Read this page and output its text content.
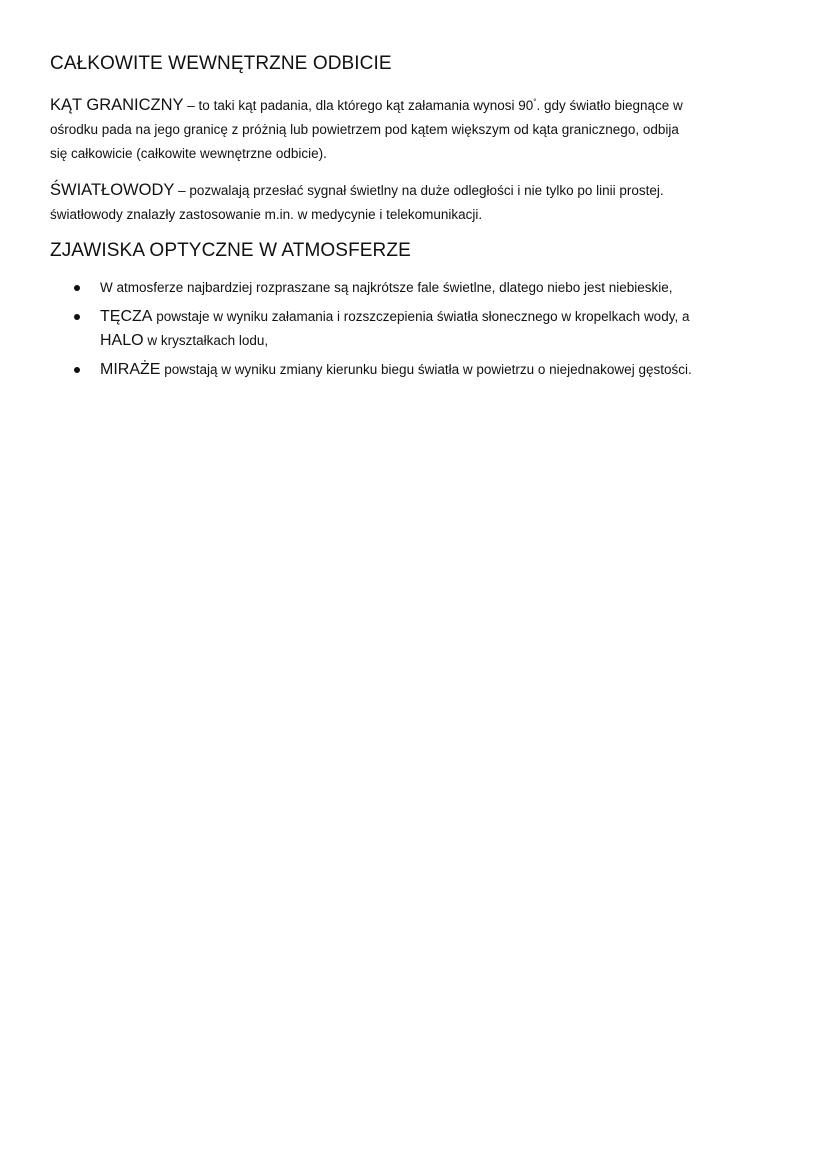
CAŁKOWITE WEWNĘTRZNE ODBICIE
KĄT GRANICZNY – to taki kąt padania, dla którego kąt załamania wynosi 90°. gdy światło biegnące w
ośrodku pada na jego granicę z próżnią lub powietrzem pod kątem większym od kąta granicznego, odbija
się całkowicie (całkowite wewnętrzne odbicie).
ŚWIATŁOWODY – pozwalają przesłać sygnał świetlny na duże odległości i nie tylko po linii prostej.
światłowody znalazły zastosowanie m.in. w medycynie i telekomunikacji.
ZJAWISKA OPTYCZNE W ATMOSFERZE
W atmosferze najbardziej rozpraszane są najkrótsze fale świetlne, dlatego niebo jest niebieskie,
TĘCZA powstaje w wyniku załamania i rozszczepienia światła słonecznego w kropelkach wody, a
HALO w kryształkach lodu,
MIRAŻE powstają w wyniku zmiany kierunku biegu światła w powietrzu o niejednakowej gęstości.
